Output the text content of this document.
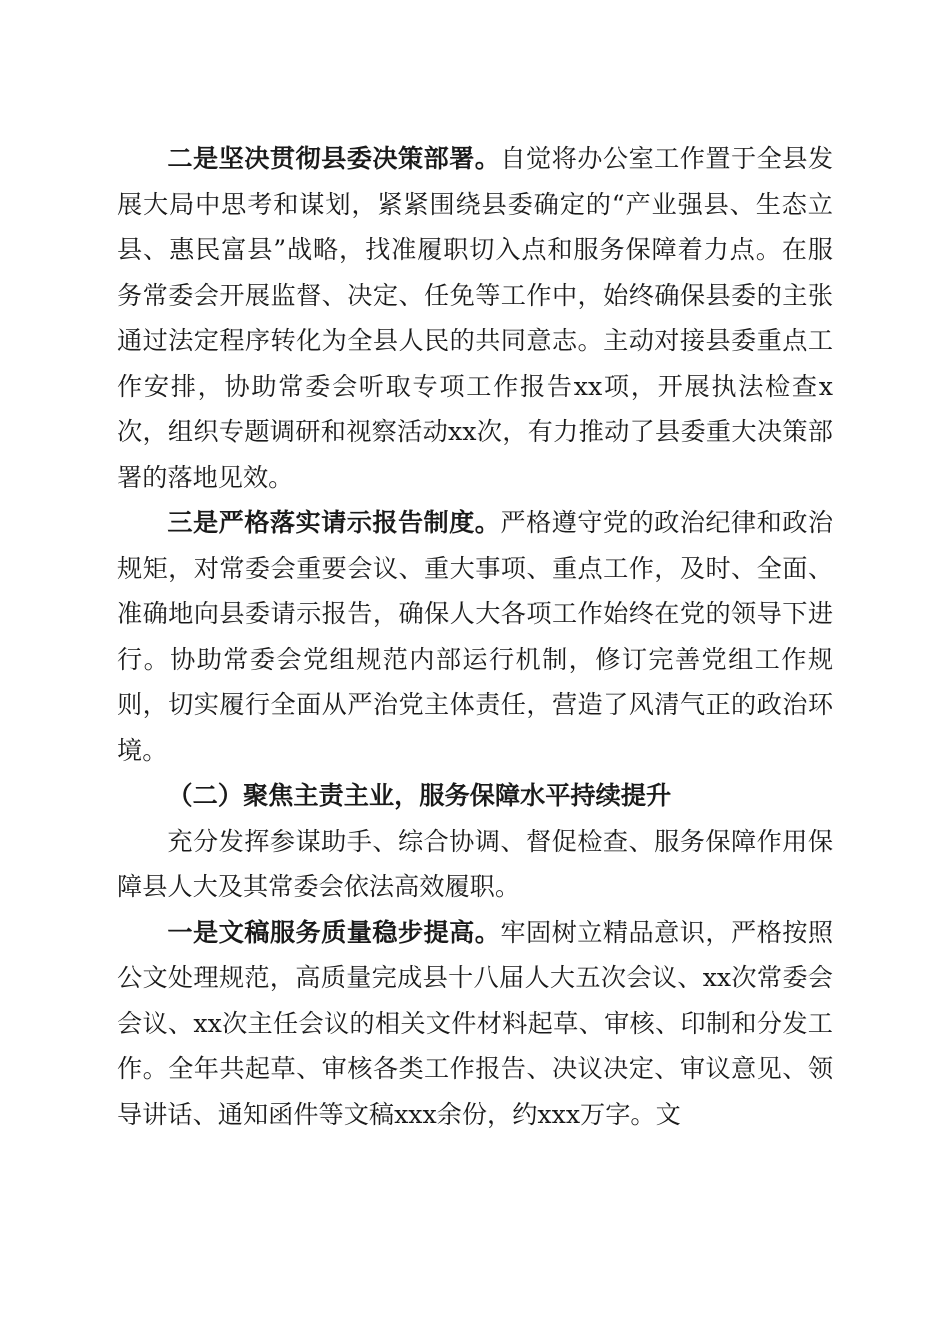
二是坚决贯彻县委决策部署。自觉将办公室工作置于全县发展大局中思考和谋划，紧紧围绕县委确定的“产业强县、生态立县、惠民富县”战略，找准履职切入点和服务保障着力点。在服务常委会开展监督、决定、任免等工作中，始终确保县委的主张通过法定程序转化为全县人民的共同意志。主动对接县委重点工作安排，协助常委会听取专项工作报告xx项，开展执法检查x次，组织专题调研和视察活动xx次，有力推动了县委重大决策部署的落地见效。

三是严格落实请示报告制度。严格遵守党的政治纪律和政治规矩，对常委会重要会议、重大事项、重点工作，及时、全面、准确地向县委请示报告，确保人大各项工作始终在党的领导下进行。协助常委会党组规范内部运行机制，修订完善党组工作规则，切实履行全面从严治党主体责任，营造了风清气正的政治环境。

（二）聚焦主责主业，服务保障水平持续提升

充分发挥参谋助手、综合协调、督促检查、服务保障作用保障县人大及其常委会依法高效履职。

一是文稿服务质量稳步提高。牢固树立精品意识，严格按照公文处理规范，高质量完成县十八届人大五次会议、xx次常委会会议、xx次主任会议的相关文件材料起草、审核、印制和分发工作。全年共起草、审核各类工作报告、决议决定、审议意见、领导讲话、通知函件等文稿xxx余份，约xxx万字。文
